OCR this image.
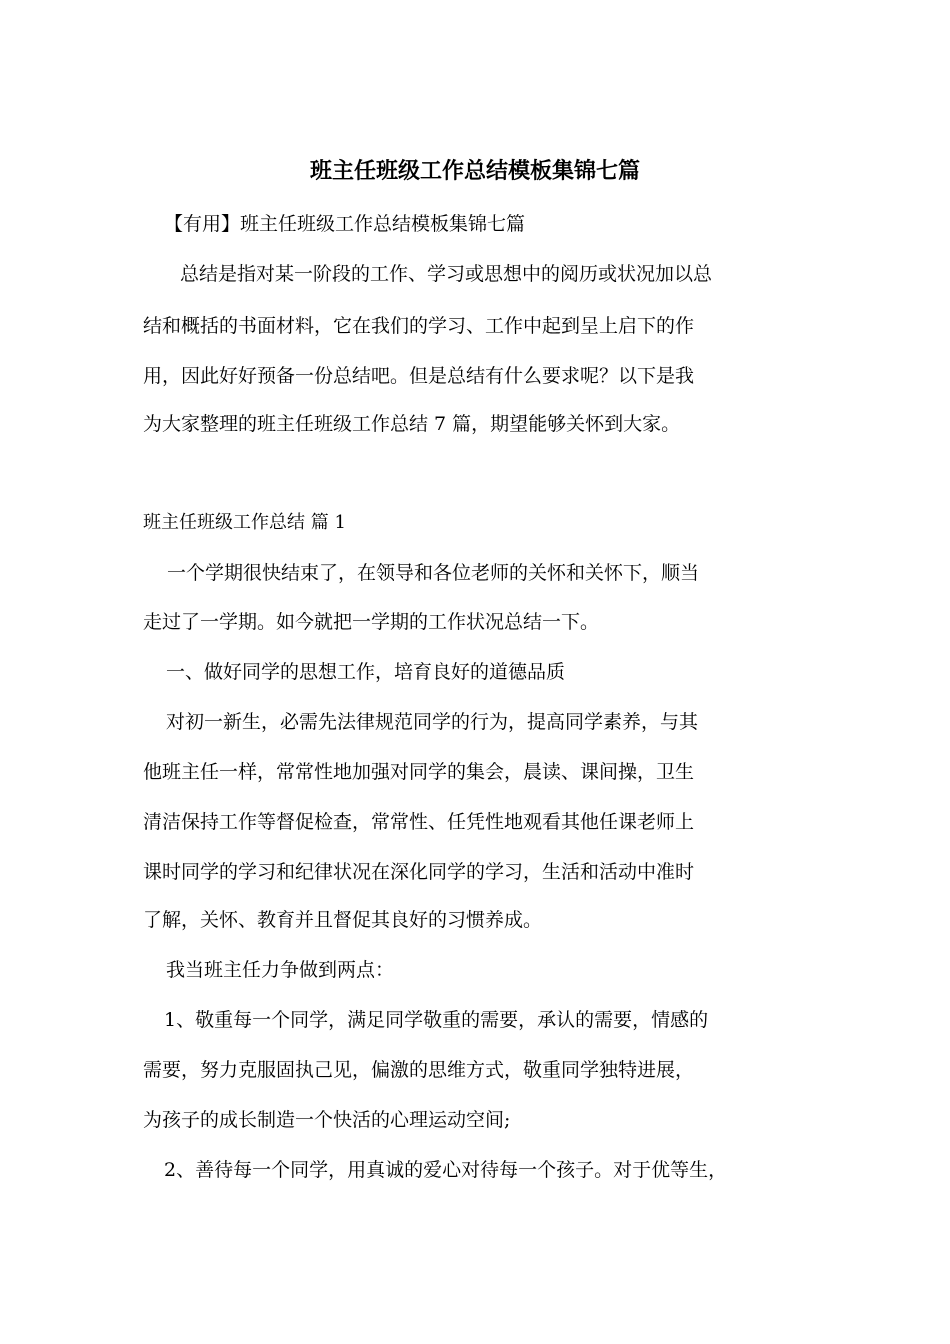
班主任班级工作总结模板集锦七篇
【有用】班主任班级工作总结模板集锦七篇
总结是指对某一阶段的工作、学习或思想中的阅历或状况加以总
结和概括的书面材料，它在我们的学习、工作中起到呈上启下的作
用，因此好好预备一份总结吧。但是总结有什么要求呢？以下是我
为大家整理的班主任班级工作总结 7 篇，期望能够关怀到大家。
班主任班级工作总结 篇 1
一个学期很快结束了，在领导和各位老师的关怀和关怀下，顺当
走过了一学期。如今就把一学期的工作状况总结一下。
一、做好同学的思想工作，培育良好的道德品质
对初一新生，必需先法律规范同学的行为，提高同学素养，与其
他班主任一样，常常性地加强对同学的集会，晨读、课间操，卫生
清洁保持工作等督促检查，常常性、任凭性地观看其他任课老师上
课时同学的学习和纪律状况在深化同学的学习，生活和活动中准时
了解，关怀、教育并且督促其良好的习惯养成。
我当班主任力争做到两点：
1、敬重每一个同学，满足同学敬重的需要，承认的需要，情感的
需要，努力克服固执己见，偏激的思维方式，敬重同学独特进展，
为孩子的成长制造一个快活的心理运动空间;
2、善待每一个同学，用真诚的爱心对待每一个孩子。对于优等生，
